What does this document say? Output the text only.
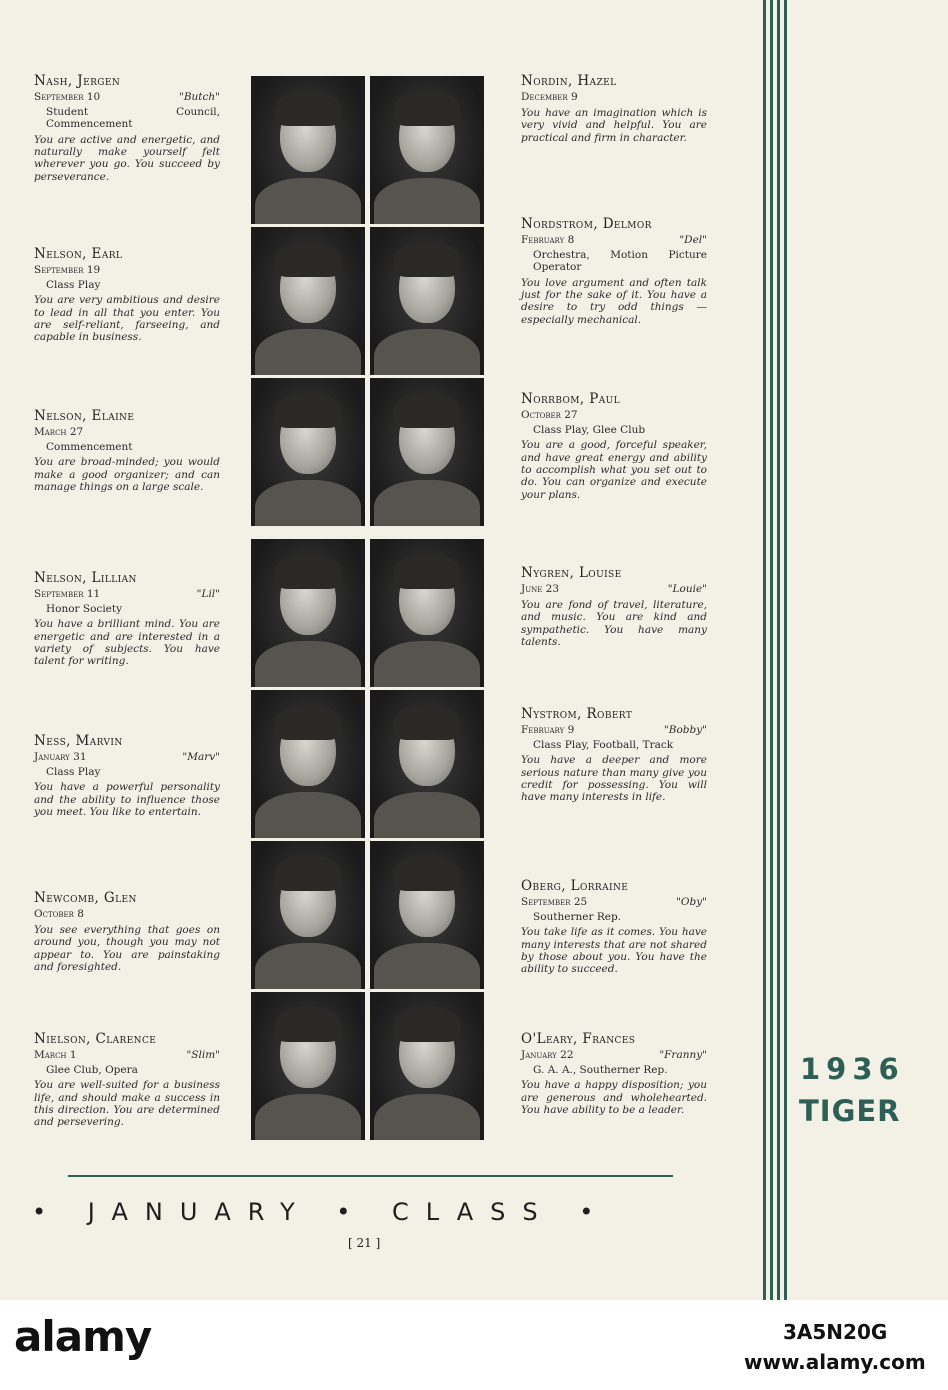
Nash, Jergen
September 10	"Butch"
Student Council, Commencement
You are active and energetic, and naturally make yourself felt wherever you go. You succeed by perseverance.
Nelson, Earl
September 19
Class Play
You are very ambitious and desire to lead in all that you enter. You are self-reliant, farseeing, and capable in business.
Nelson, Elaine
March 27
Commencement
You are broad-minded; you would make a good organizer; and can manage things on a large scale.
Nelson, Lillian
September 11	"Lil"
Honor Society
You have a brilliant mind. You are energetic and are interested in a variety of subjects. You have talent for writing.
Ness, Marvin
January 31	"Marv"
Class Play
You have a powerful personality and the ability to influence those you meet. You like to entertain.
Newcomb, Glen
October 8
You see everything that goes on around you, though you may not appear to. You are painstaking and foresighted.
Nielson, Clarence
March 1	"Slim"
Glee Club, Opera
You are well-suited for a business life, and should make a success in this direction. You are determined and persevering.
Nordin, Hazel
December 9
You have an imagination which is very vivid and helpful. You are practical and firm in character.
Nordstrom, Delmor
February 8	"Del"
Orchestra, Motion Picture Operator
You love argument and often talk just for the sake of it. You have a desire to try odd things —especially mechanical.
Norrbom, Paul
October 27
Class Play, Glee Club
You are a good, forceful speaker, and have great energy and ability to accomplish what you set out to do. You can organize and execute your plans.
Nygren, Louise
June 23	"Louie"
You are fond of travel, literature, and music. You are kind and sympathetic. You have many talents.
Nystrom, Robert
February 9	"Bobby"
Class Play, Football, Track
You have a deeper and more serious nature than many give you credit for possessing. You will have many interests in life.
Oberg, Lorraine
September 25	"Oby"
Southerner Rep.
You take life as it comes. You have many interests that are not shared by those about you. You have the ability to succeed.
O'Leary, Frances
January 22	"Franny"
G. A. A., Southerner Rep.
You have a happy disposition; you are generous and wholehearted. You have ability to be a leader.
• JANUARY • CLASS •
[ 21 ]
1936
TIGER
alamy	3A5N20G
www.alamy.com
